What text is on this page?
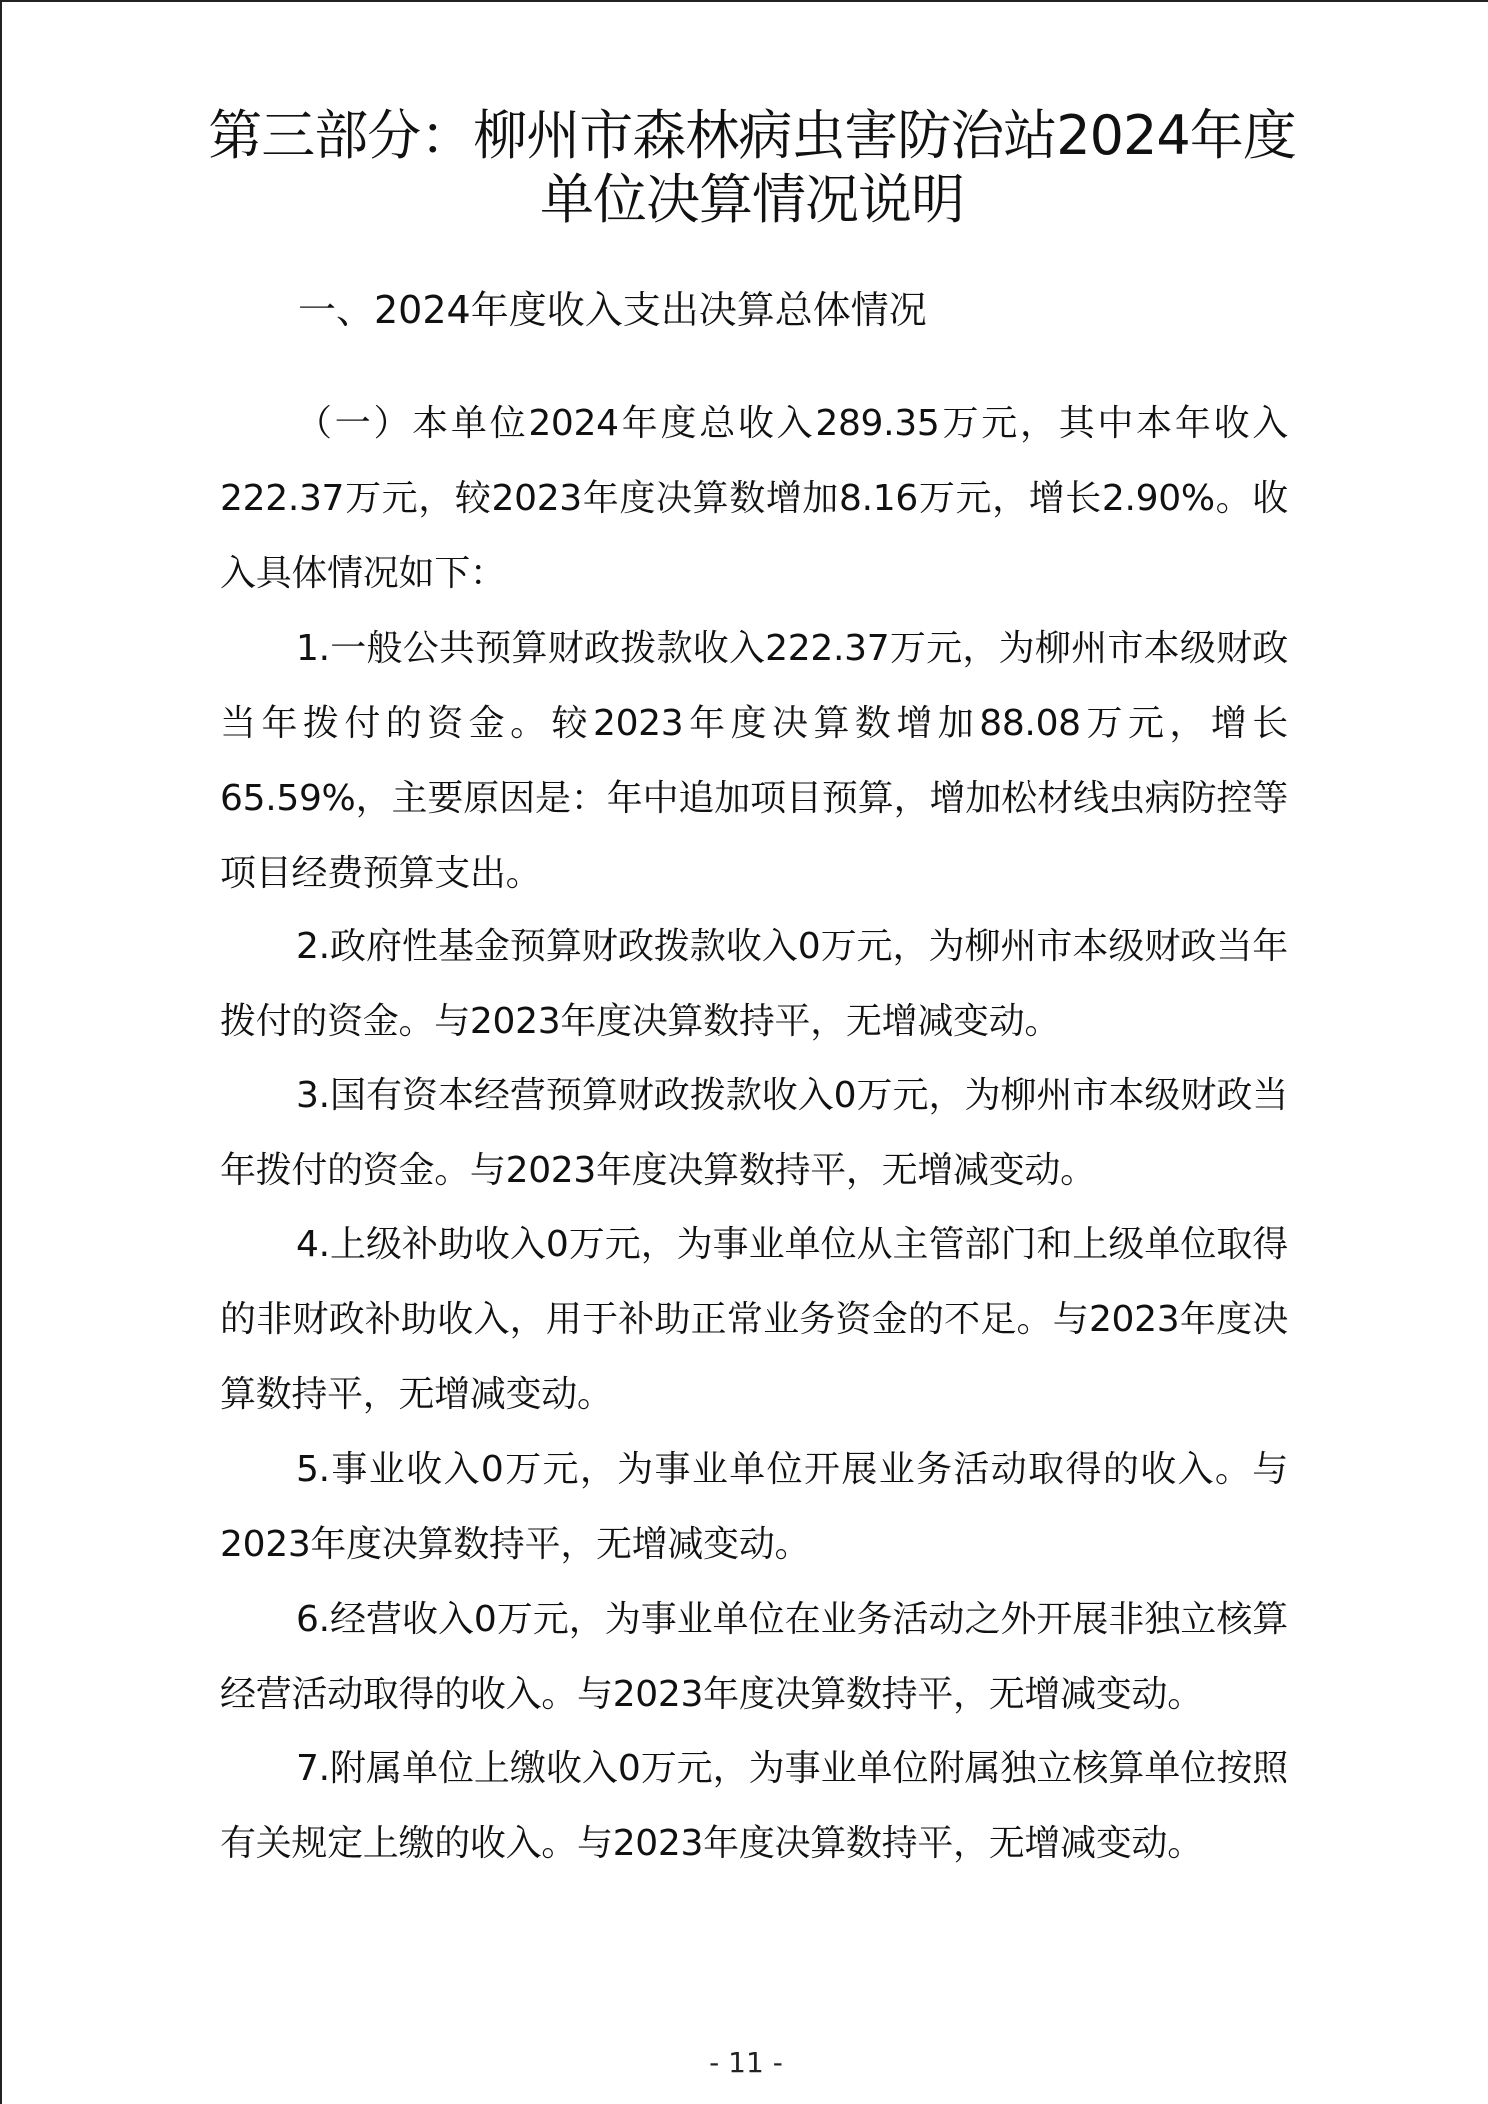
第三部分：柳州市森林病虫害防治站2024年度单位决算情况说明
一、2024年度收入支出决算总体情况

（一）本单位2024年度总收入289.35万元，其中本年收入222.37万元，较2023年度决算数增加8.16万元，增长2.90%。收入具体情况如下：

1.一般公共预算财政拨款收入222.37万元，为柳州市本级财政当年拨付的资金。较2023年度决算数增加88.08万元，增长65.59%，主要原因是：年中追加项目预算，增加松材线虫病防控等项目经费预算支出。

2.政府性基金预算财政拨款收入0万元，为柳州市本级财政当年拨付的资金。与2023年度决算数持平，无增减变动。

3.国有资本经营预算财政拨款收入0万元，为柳州市本级财政当年拨付的资金。与2023年度决算数持平，无增减变动。

4.上级补助收入0万元，为事业单位从主管部门和上级单位取得的非财政补助收入，用于补助正常业务资金的不足。与2023年度决算数持平，无增减变动。

5.事业收入0万元，为事业单位开展业务活动取得的收入。与2023年度决算数持平，无增减变动。

6.经营收入0万元，为事业单位在业务活动之外开展非独立核算经营活动取得的收入。与2023年度决算数持平，无增减变动。

7.附属单位上缴收入0万元，为事业单位附属独立核算单位按照有关规定上缴的收入。与2023年度决算数持平，无增减变动。

- 11 -
